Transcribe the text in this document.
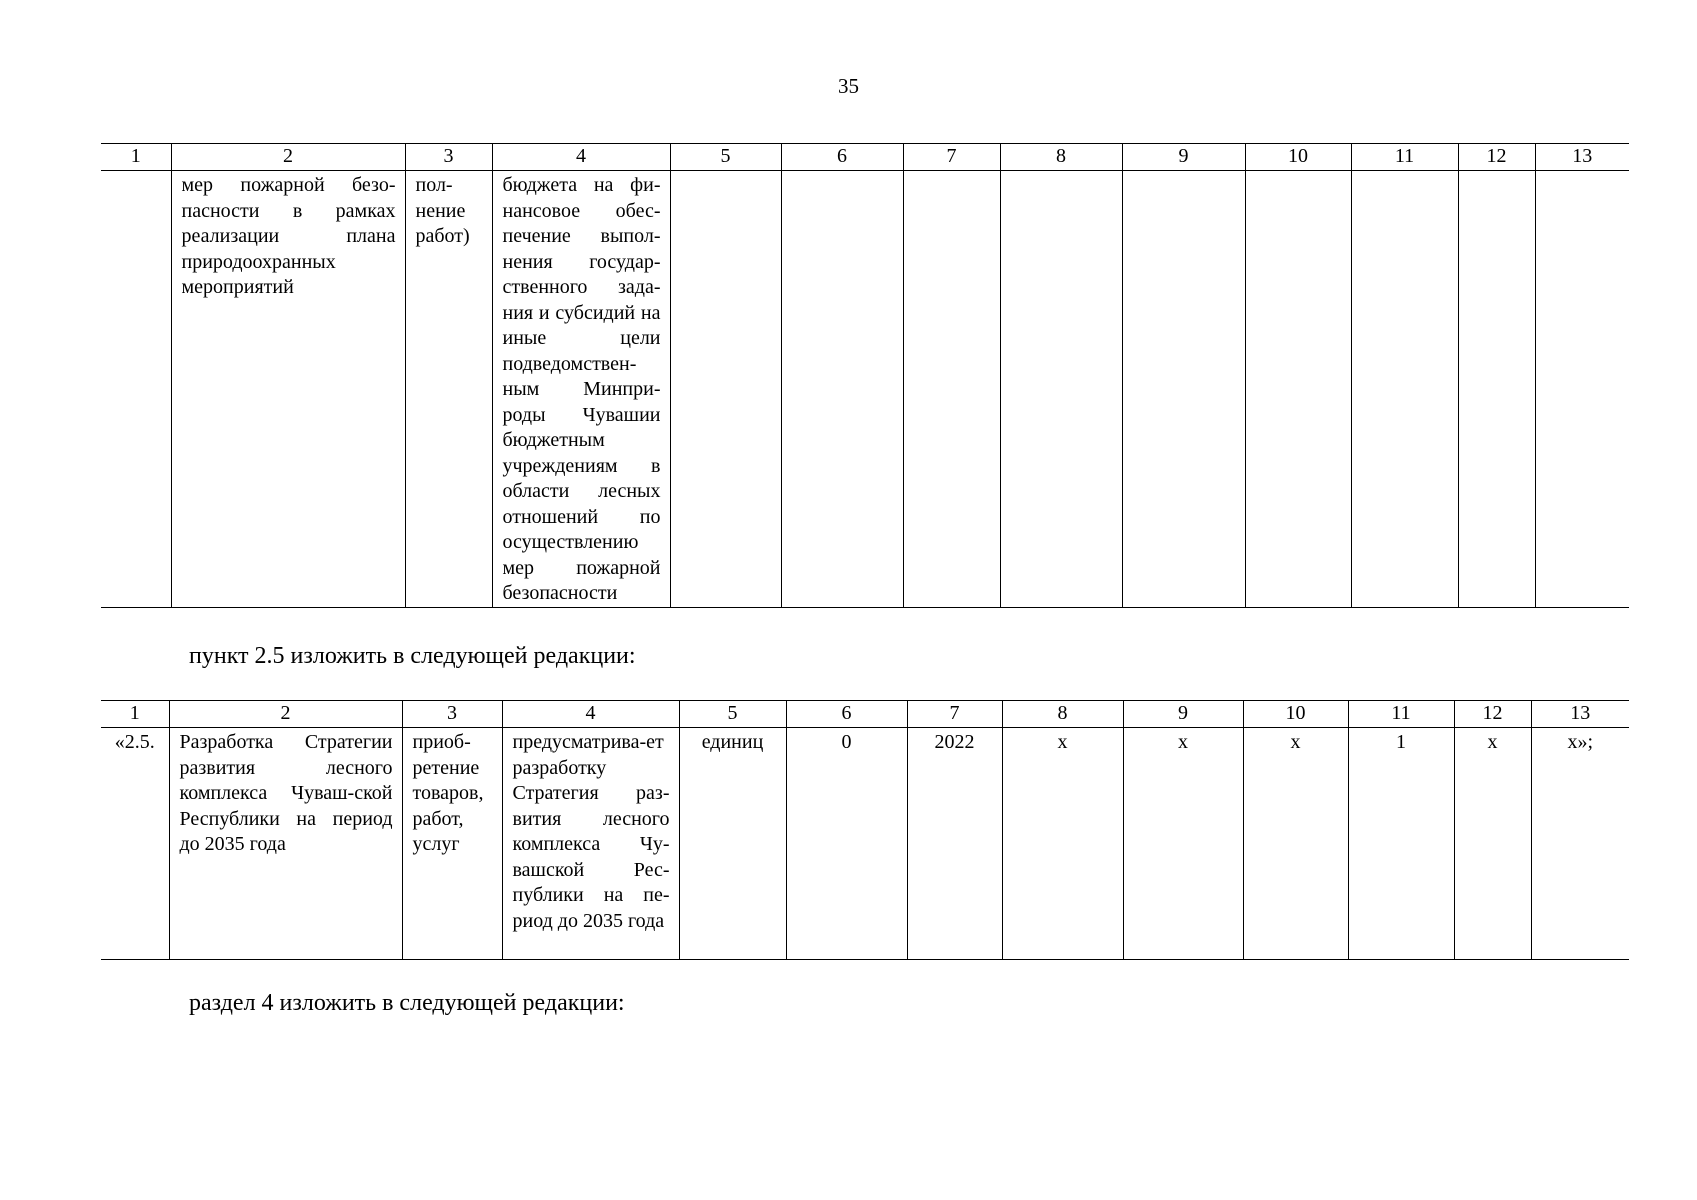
35
1	2	3	4	5	6	7	8	9	10	11	12	13
	мер пожарной безо-пасности в рамках реализации плана природоохранных мероприятий	пол-нение работ)	бюджета на фи-нансовое обес-печение выпол-нения государ-ственного зада-ния и субсидий на иные цели подведомствен-ным Минпри-роды Чувашии бюджетным учреждениям в области лесных отношений по осуществлению мер пожарной безопасности									
пункт 2.5 изложить в следующей редакции:
1	2	3	4	5	6	7	8	9	10	11	12	13
«2.5.	Разработка Стратегии развития лесного комплекса Чуваш-ской Республики на период до 2035 года	приоб-ретение товаров, работ, услуг	предусматрива-ет разработку Стратегия раз-вития лесного комплекса Чу-вашской Рес-публики на пе-риод до 2035 года	единиц	0	2022	х	х	х	1	х	х»;
раздел 4 изложить в следующей редакции:
